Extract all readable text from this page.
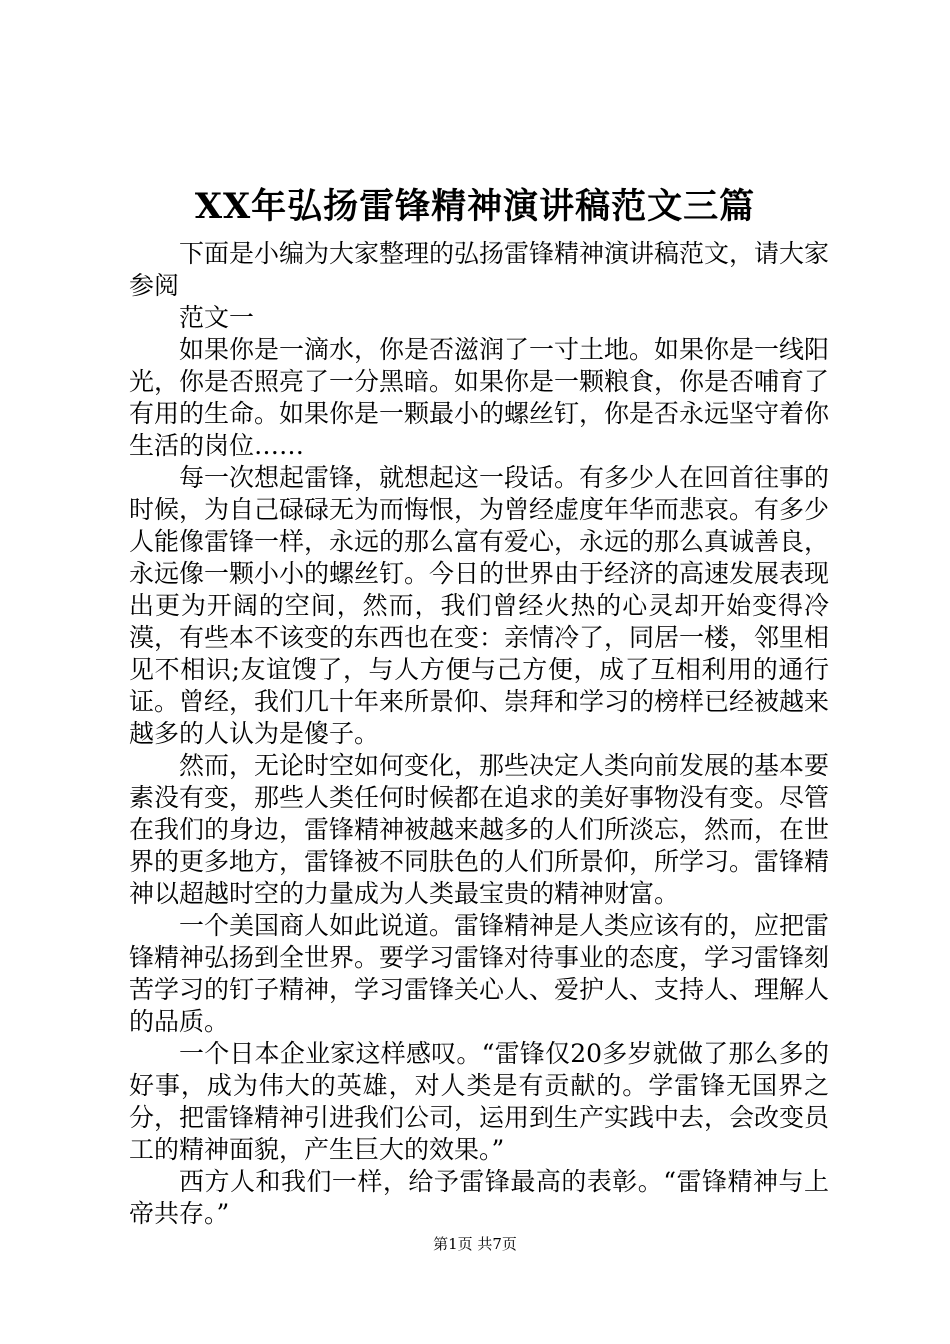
XX年弘扬雷锋精神演讲稿范文三篇

下面是小编为大家整理的弘扬雷锋精神演讲稿范文，请大家参阅

范文一

如果你是一滴水，你是否滋润了一寸土地。如果你是一线阳光，你是否照亮了一分黑暗。如果你是一颗粮食，你是否哺育了有用的生命。如果你是一颗最小的螺丝钉，你是否永远坚守着你生活的岗位……

每一次想起雷锋，就想起这一段话。有多少人在回首往事的时候，为自己碌碌无为而悔恨，为曾经虚度年华而悲哀。有多少人能像雷锋一样，永远的那么富有爱心，永远的那么真诚善良，永远像一颗小小的螺丝钉。今日的世界由于经济的高速发展表现出更为开阔的空间，然而，我们曾经火热的心灵却开始变得冷漠，有些本不该变的东西也在变：亲情冷了，同居一楼，邻里相见不相识;友谊馊了，与人方便与己方便，成了互相利用的通行证。曾经，我们几十年来所景仰、崇拜和学习的榜样已经被越来越多的人认为是傻子。

然而，无论时空如何变化，那些决定人类向前发展的基本要素没有变，那些人类任何时候都在追求的美好事物没有变。尽管在我们的身边，雷锋精神被越来越多的人们所淡忘，然而，在世界的更多地方，雷锋被不同肤色的人们所景仰，所学习。雷锋精神以超越时空的力量成为人类最宝贵的精神财富。

一个美国商人如此说道。雷锋精神是人类应该有的，应把雷锋精神弘扬到全世界。要学习雷锋对待事业的态度，学习雷锋刻苦学习的钉子精神，学习雷锋关心人、爱护人、支持人、理解人的品质。

一个日本企业家这样感叹。“雷锋仅20多岁就做了那么多的好事，成为伟大的英雄，对人类是有贡献的。学雷锋无国界之分，把雷锋精神引进我们公司，运用到生产实践中去，会改变员工的精神面貌，产生巨大的效果。”

西方人和我们一样，给予雷锋最高的表彰。“雷锋精神与上帝共存。”

第1页 共7页
